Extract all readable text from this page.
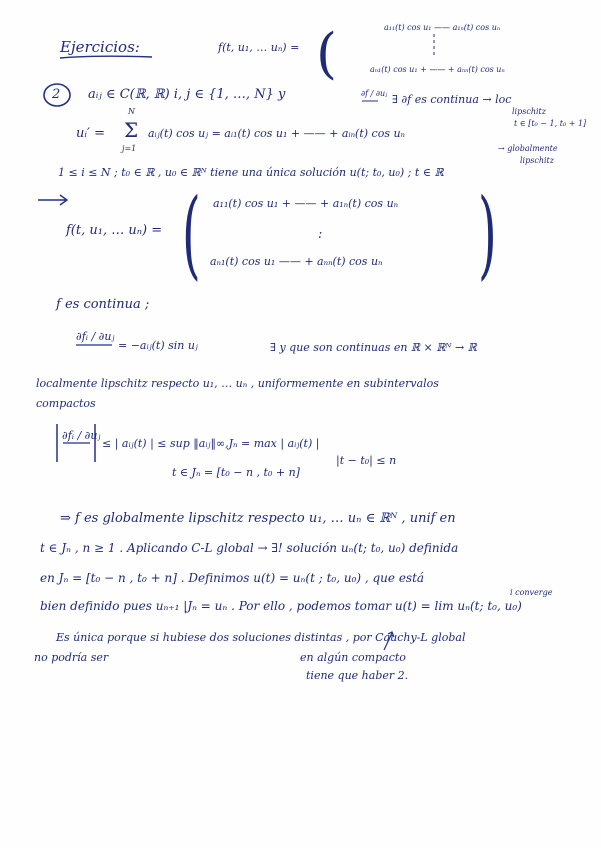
Ejercicios:	f(t, u₁, … uₙ) = (	a₁₁(t) cos u₁ —— a₁ₙ(t) cos uₙ
aₙ₁(t) cos u₁ + —— + aₙₙ(t) cos uₙ
2 aᵢⱼ ∈ C(ℝ, ℝ) i, j ∈ {1, …, N} y	∂f / ∂uⱼ ∃ ∂f es continua → loc
lipschitz
t ∈ [t₀ − 1, t₀ + 1]
→ globalmente
lipschitz
uᵢ′ =
N
Σ
j=1
aᵢⱼ(t) cos uⱼ = aᵢ₁(t) cos u₁ + —— + aᵢₙ(t) cos uₙ
1 ≤ i ≤ N ; t₀ ∈ ℝ , u₀ ∈ ℝᴺ tiene una única solución u(t; t₀, u₀) ; t ∈ ℝ
f(t, u₁, … uₙ) = ( a₁₁(t) cos u₁ + —— + a₁ₙ(t) cos uₙ
:
aₙ₁(t) cos u₁ —— + aₙₙ(t) cos uₙ )
f es continua ;
∂fᵢ / ∂uⱼ
= −aᵢⱼ(t) sin uⱼ	∃ y que son continuas en ℝ × ℝᴺ → ℝ
localmente lipschitz respecto u₁, … uₙ , uniformemente en subintervalos
compactos
∂fᵢ / ∂uⱼ
≤ | aᵢⱼ(t) | ≤ sup ‖aᵢⱼ‖∞,Jₙ = max | aᵢⱼ(t) |
t ∈ Jₙ = [t₀ − n , t₀ + n]
|t − t₀| ≤ n
⇒ f es globalmente lipschitz respecto u₁, … uₙ ∈ ℝᴺ , unif en
t ∈ Jₙ , n ≥ 1 . Aplicando C-L global → ∃! solución uₙ(t; t₀, u₀) definida
en Jₙ = [t₀ − n , t₀ + n] . Definimos u(t) = uₙ(t ; t₀, u₀) , que está
bien definido pues uₙ₊₁ |Jₙ = uₙ . Por ello , podemos tomar u(t) = lim uₙ(t; t₀, u₀)
i converge
Es única porque si hubiese dos soluciones distintas , por Cauchy-L global
no podría ser	en algún compacto
tiene que haber 2.
